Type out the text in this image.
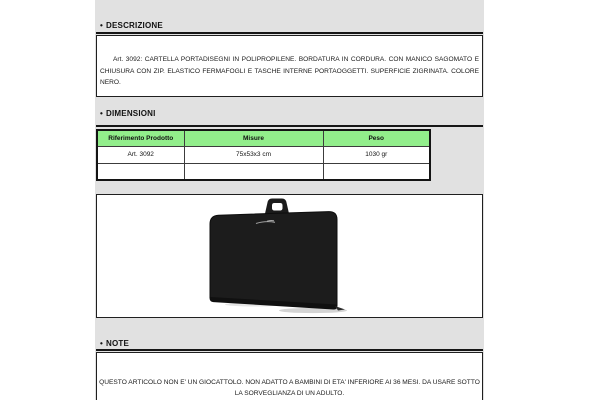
• DESCRIZIONE

Art. 3092: CARTELLA PORTADISEGNI IN POLIPROPILENE. BORDATURA IN CORDURA. CON MANICO SAGOMATO E CHIUSURA CON ZIP. ELASTICO FERMAFOGLI E TASCHE INTERNE PORTAOGGETTI. SUPERFICIE ZIGRINATA. COLORE NERO.

• DIMENSIONI
Riferimento Prodotto	Misure	Peso
Art. 3092	75x53x3 cm	1030 gr

• NOTE

QUESTO ARTICOLO NON E' UN GIOCATTOLO. NON ADATTO A BAMBINI DI ETA' INFERIORE AI 36 MESI. DA USARE SOTTO LA SORVEGLIANZA DI UN ADULTO.
